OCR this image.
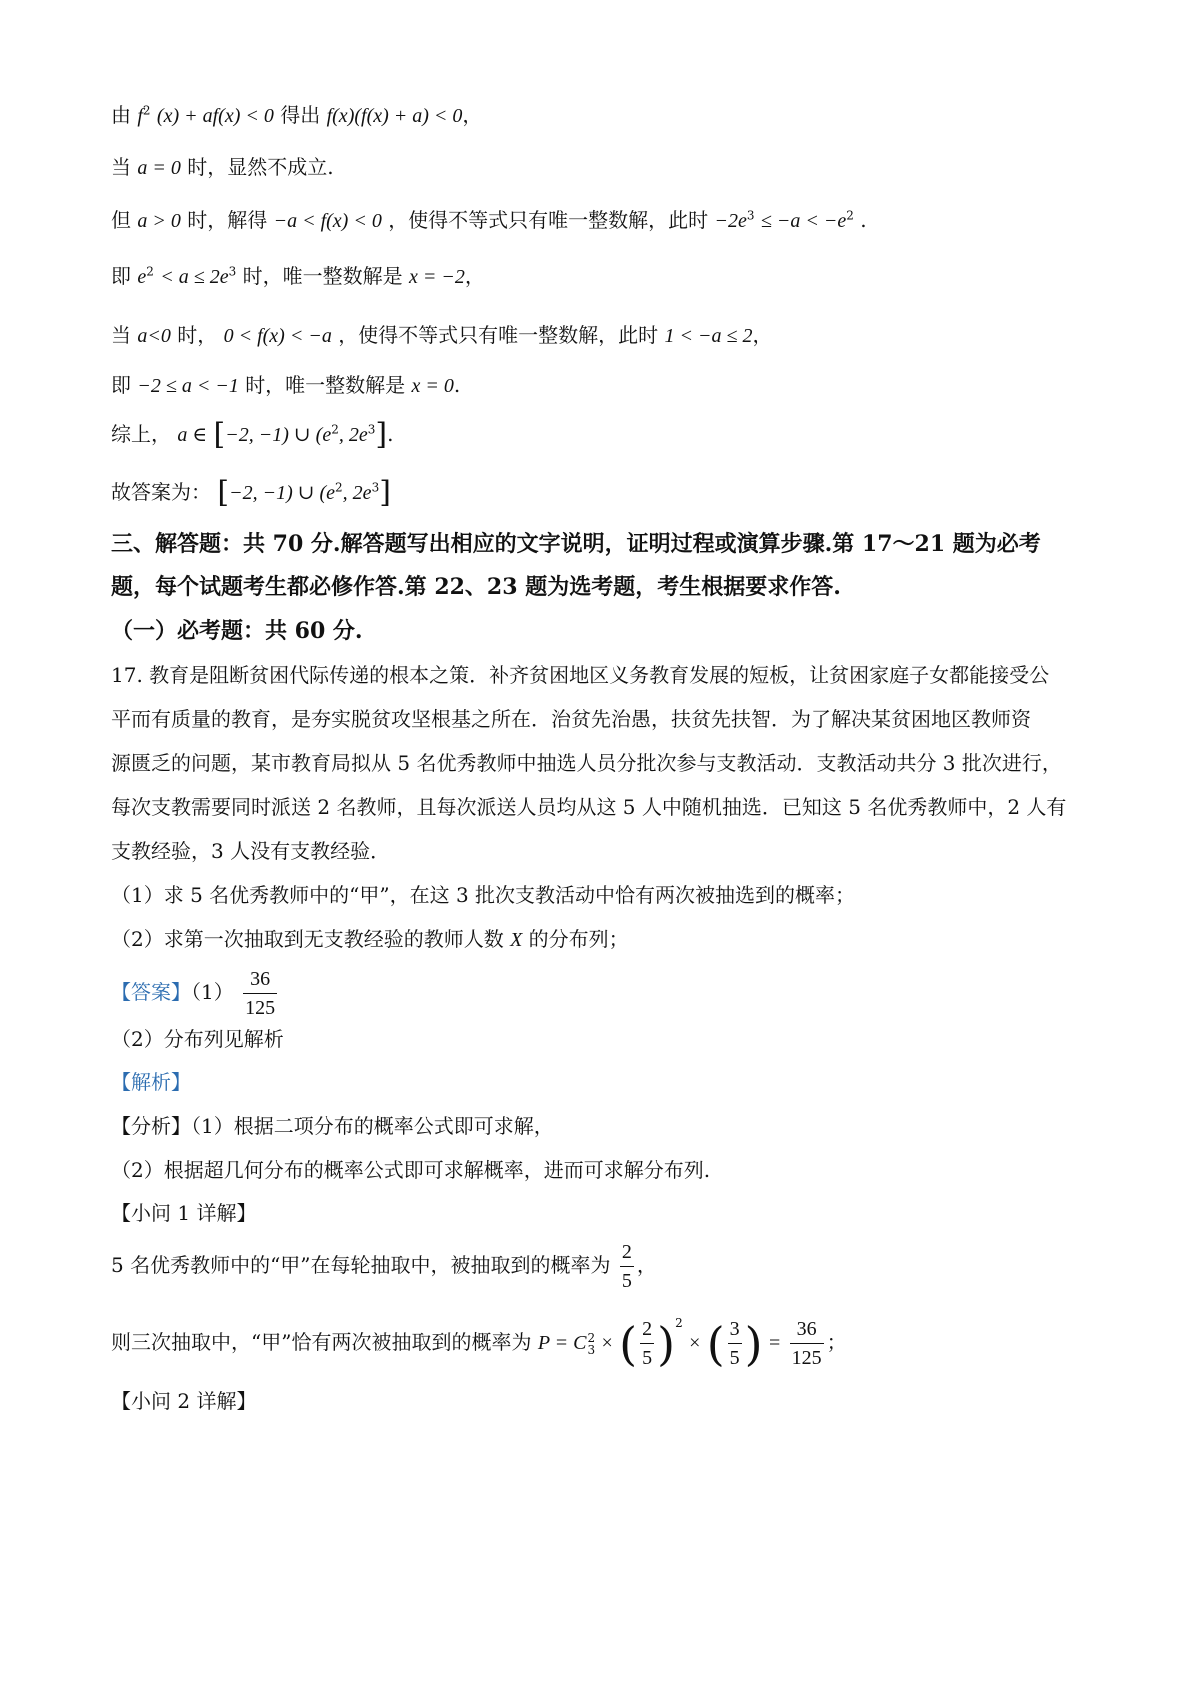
由 $f^2$ (x) + af(x) < 0 得出 f(x)(f(x) + a) < 0，
当 a = 0 时，显然不成立.
但 a > 0 时，解得 −a < f(x) < 0 ，使得不等式只有唯一整数解，此时 $-2e^3 \le -a < -e^2$ .
即 $e^2 < a \le 2e^3$ 时，唯一整数解是 x = −2，
当 a<0 时， 0 < f(x) < −a ，使得不等式只有唯一整数解，此时 1 < −a ≤ 2，
即 −2 ≤ a < −1 时，唯一整数解是 x = 0.
综上， a ∈ [−2, −1) ∪ ($e^2$, $2e^3$].
故答案为： [−2, −1) ∪ ($e^2$, $2e^3$]
三、解答题：共 70 分.解答题写出相应的文字说明，证明过程或演算步骤.第 17～21 题为必考
题，每个试题考生都必修作答.第 22、23 题为选考题，考生根据要求作答.
（一）必考题：共 60 分.
17. 教育是阻断贫困代际传递的根本之策．补齐贫困地区义务教育发展的短板，让贫困家庭子女都能接受公
平而有质量的教育，是夯实脱贫攻坚根基之所在．治贫先治愚，扶贫先扶智．为了解决某贫困地区教师资
源匮乏的问题，某市教育局拟从 5 名优秀教师中抽选人员分批次参与支教活动．支教活动共分 3 批次进行，
每次支教需要同时派送 2 名教师，且每次派送人员均从这 5 人中随机抽选．已知这 5 名优秀教师中，2 人有
支教经验，3 人没有支教经验．
（1）求 5 名优秀教师中的“甲”，在这 3 批次支教活动中恰有两次被抽选到的概率；
（2）求第一次抽取到无支教经验的教师人数 X 的分布列；
【答案】$(1) \frac{36}{125}$
（2）分布列见解析
【解析】
【分析】（1）根据二项分布的概率公式即可求解，
（2）根据超几何分布的概率公式即可求解概率，进而可求解分布列.
【小问 1 详解】
5 名优秀教师中的“甲”在每轮抽取中，被抽取到的概率为 $\frac{2}{5}$ ，
则三次抽取中，“甲”恰有两次被抽取到的概率为 P = C 2
3 × ( $\frac{2}{5} )^2$ × ( $\frac{3}{5}$ ) = $\frac{36}{125}$ ；
【小问 2 详解】
